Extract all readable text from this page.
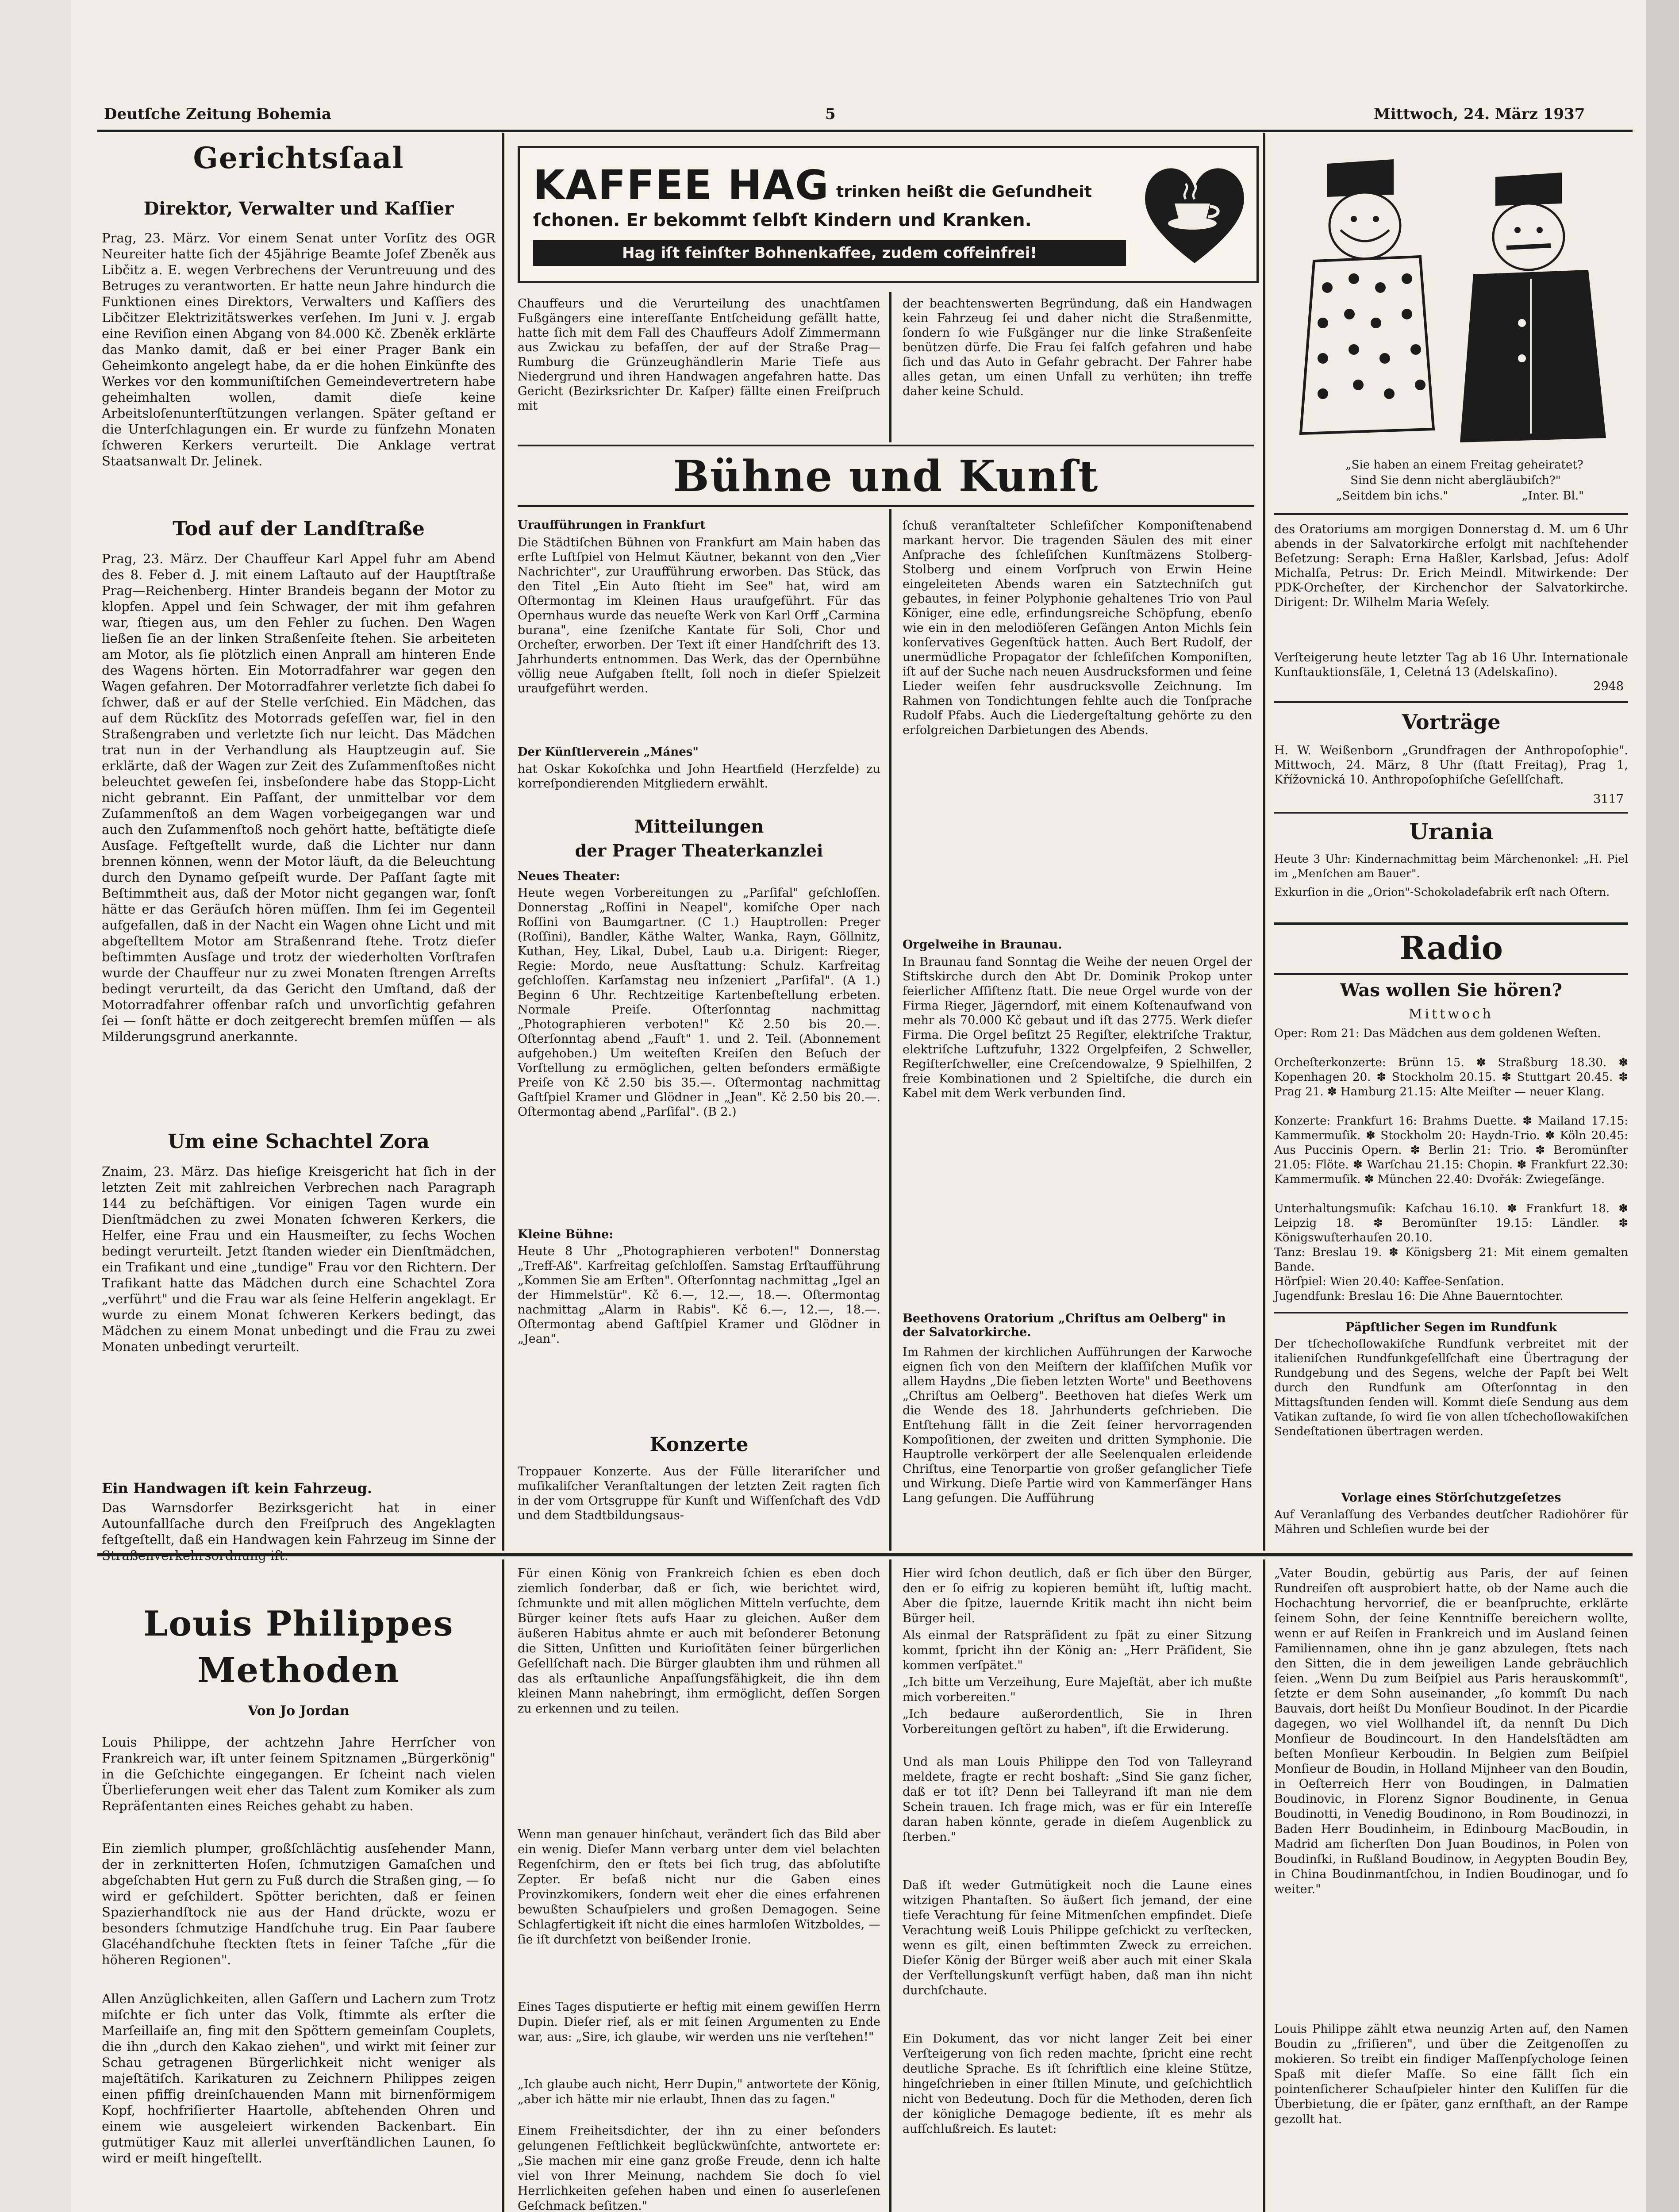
Deutſche Zeitung Bohemia	5	Mittwoch, 24. März 1937
Gerichtsſaal
Direktor, Verwalter und Kaſſier
Prag, 23. März. Vor einem Senat unter Vorſitz des OGR Neureiter hatte ſich der 45jährige Beamte Joſef Zbeněk aus Libčitz a. E. wegen Verbrechens der Veruntreuung und des Betruges zu verantworten. Er hatte neun Jahre hindurch die Funktionen eines Direktors, Verwalters und Kaſſiers des Libčitzer Elektrizitätswerkes verſehen. Im Juni v. J. ergab eine Reviſion einen Abgang von 84.000 Kč. Zbeněk erklärte das Manko damit, daß er bei einer Prager Bank ein Geheimkonto angelegt habe, da er die hohen Einkünfte des Werkes vor den kommuniſtiſchen Gemeindevertretern habe geheimhalten wollen, damit dieſe keine Arbeitsloſenunterſtützungen verlangen. Später geſtand er die Unterſchlagungen ein. Er wurde zu fünfzehn Monaten ſchweren Kerkers verurteilt. Die Anklage vertrat Staatsanwalt Dr. Jelinek.
Tod auf der Landſtraße
Prag, 23. März. Der Chauffeur Karl Appel fuhr am Abend des 8. Feber d. J. mit einem Laſtauto auf der Hauptſtraße Prag—Reichenberg. Hinter Brandeis begann der Motor zu klopfen. Appel und ſein Schwager, der mit ihm gefahren war, ſtiegen aus, um den Fehler zu ſuchen. Den Wagen ließen ſie an der linken Straßenſeite ſtehen. Sie arbeiteten am Motor, als ſie plötzlich einen Anprall am hinteren Ende des Wagens hörten. Ein Motorradfahrer war gegen den Wagen gefahren. Der Motorradfahrer verletzte ſich dabei ſo ſchwer, daß er auf der Stelle verſchied. Ein Mädchen, das auf dem Rückſitz des Motorrads geſeſſen war, fiel in den Straßengraben und verletzte ſich nur leicht. Das Mädchen trat nun in der Verhandlung als Hauptzeugin auf. Sie erklärte, daß der Wagen zur Zeit des Zuſammenſtoßes nicht beleuchtet geweſen ſei, insbeſondere habe das Stopp-Licht nicht gebrannt. Ein Paſſant, der unmittelbar vor dem Zuſammenſtoß an dem Wagen vorbeigegangen war und auch den Zuſammenſtoß noch gehört hatte, beſtätigte dieſe Ausſage. Feſtgeſtellt wurde, daß die Lichter nur dann brennen können, wenn der Motor läuft, da die Beleuchtung durch den Dynamo geſpeiſt wurde. Der Paſſant ſagte mit Beſtimmtheit aus, daß der Motor nicht gegangen war, ſonſt hätte er das Geräuſch hören müſſen. Ihm ſei im Gegenteil aufgefallen, daß in der Nacht ein Wagen ohne Licht und mit abgeſtelltem Motor am Straßenrand ſtehe. Trotz dieſer beſtimmten Ausſage und trotz der wiederholten Vorſtrafen wurde der Chauffeur nur zu zwei Monaten ſtrengen Arreſts bedingt verurteilt, da das Gericht den Umſtand, daß der Motorradfahrer offenbar raſch und unvorſichtig gefahren ſei — ſonſt hätte er doch zeitgerecht bremſen müſſen — als Milderungsgrund anerkannte.
Um eine Schachtel Zora
Znaim, 23. März. Das hieſige Kreisgericht hat ſich in der letzten Zeit mit zahlreichen Verbrechen nach Paragraph 144 zu beſchäftigen. Vor einigen Tagen wurde ein Dienſtmädchen zu zwei Monaten ſchweren Kerkers, die Helfer, eine Frau und ein Hausmeiſter, zu ſechs Wochen bedingt verurteilt. Jetzt ſtanden wieder ein Dienſtmädchen, ein Trafikant und eine „tundige" Frau vor den Richtern. Der Trafikant hatte das Mädchen durch eine Schachtel Zora „verführt" und die Frau war als ſeine Helferin angeklagt. Er wurde zu einem Monat ſchweren Kerkers bedingt, das Mädchen zu einem Monat unbedingt und die Frau zu zwei Monaten unbedingt verurteilt.
Ein Handwagen iſt kein Fahrzeug.
Das Warnsdorfer Bezirksgericht hat in einer Autounfallſache durch den Freiſpruch des Angeklagten feſtgeſtellt, daß ein Handwagen kein Fahrzeug im Sinne der
KAFFEE HAG trinken heißt die Geſundheit
ſchonen. Er bekommt ſelbſt Kindern und Kranken.
Hag iſt feinſter Bohnenkaffee, zudem coffeinfrei!
„Sie haben an einem Freitag geheiratet?
Sind Sie denn nicht abergläubiſch?"
„Seitdem bin ichs."	„Inter. Bl."
Chauffeurs und die Verurteilung des unachtſamen Fußgängers eine intereſſante Entſcheidung gefällt hatte, hatte ſich mit dem Fall des Chauffeurs Adolf Zimmermann aus Zwickau zu befaſſen, der auf der Straße Prag—Rumburg die Grünzeughändlerin Marie Tiefe aus Niedergrund und ihren Handwagen angefahren hatte. Das Gericht (Bezirksrichter Dr. Kaſper) fällte einen Freiſpruch mit
der beachtenswerten Begründung, daß ein Handwagen kein Fahrzeug ſei und daher nicht die Straßenmitte, ſondern ſo wie Fußgänger nur die linke Straßenſeite benützen dürfe. Die Frau ſei falſch gefahren und habe ſich und das Auto in Gefahr gebracht. Der Fahrer habe alles getan, um einen Unfall zu verhüten; ihn treffe daher keine Schuld.
Bühne und Kunſt
Uraufführungen in Frankfurt
Die Städtiſchen Bühnen von Frankfurt am Main haben das erſte Luſtſpiel von Helmut Käutner, bekannt von den „Vier Nachrichter", zur Uraufführung erworben. Das Stück, das den Titel „Ein Auto ſtieht im See" hat, wird am Oſtermontag im Kleinen Haus uraufgeführt. Für das Opernhaus wurde das neueſte Werk von Karl Orff „Carmina burana", eine ſzeniſche Kantate für Soli, Chor und Orcheſter, erworben. Der Text iſt einer Handſchrift des 13. Jahrhunderts entnommen. Das Werk, das der Opernbühne völlig neue Aufgaben ſtellt, ſoll noch in dieſer Spielzeit uraufgeführt werden.
Der Künſtlerverein „Mánes"
hat Oskar Kokoſchka und John Heartfield (Herzfelde) zu korreſpondierenden Mitgliedern erwählt.
Mitteilungen
der Prager Theaterkanzlei
Neues Theater:
Heute wegen Vorbereitungen zu „Parſifal" geſchloſſen. Donnerstag „Roſſini in Neapel", komiſche Oper nach Roſſini von Baumgartner. (C 1.) Hauptrollen: Preger (Roſſini), Bandler, Käthe Walter, Wanka, Rayn, Göllnitz, Kuthan, Hey, Likal, Dubel, Laub u.a. Dirigent: Rieger, Regie: Mordo, neue Ausſtattung: Schulz. Karfreitag geſchloſſen. Karſamstag neu inſzeniert „Parſifal". (A 1.) Beginn 6 Uhr. Rechtzeitige Kartenbeſtellung erbeten. Normale Preiſe. Oſterſonntag nachmittag „Photographieren verboten!" Kč 2.50 bis 20.—. Oſterſonntag abend „Fauſt" 1. und 2. Teil. (Abonnement aufgehoben.) Um weiteſten Kreiſen den Beſuch der Vorſtellung zu ermöglichen, gelten beſonders ermäßigte Preiſe von Kč 2.50 bis 35.—. Oſtermontag nachmittag Gaſtſpiel Kramer und Glödner in „Jean". Kč 2.50 bis 20.—. Oſtermontag abend „Parſifal". (B 2.)
Kleine Bühne:
Heute 8 Uhr „Photographieren verboten!" Donnerstag „Treff-Aß". Karfreitag geſchloſſen. Samstag Erſtaufführung „Kommen Sie am Erſten". Oſterſonntag nachmittag „Igel an der Himmelstür". Kč 6.—, 12.—, 18.—. Oſtermontag nachmittag „Alarm in Rabis". Kč 6.—, 12.—, 18.—. Oſtermontag abend Gaſtſpiel Kramer und Glödner in „Jean".
Konzerte
Troppauer Konzerte. Aus der Fülle literariſcher und muſikaliſcher Veranſtaltungen der letzten Zeit ragten ſich in der vom Ortsgruppe für Kunſt und Wiſſenſchaft des VdD und dem Stadtbildungsaus-
ſchuß veranſtalteter Schleſiſcher Komponiſtenabend markant hervor. Die tragenden Säulen des mit einer Anſprache des ſchleſiſchen Kunſtmäzens Stolberg-Stolberg und einem Vorſpruch von Erwin Heine eingeleiteten Abends waren ein Satztechniſch gut gebautes, in feiner Polyphonie gehaltenes Trio von Paul Königer, eine edle, erfindungsreiche Schöpfung, ebenſo wie ein in den melodiöſeren Geſängen Anton Michls ſein konſervatives Gegenſtück hatten. Auch Bert Rudolf, der unermüdliche Propagator der ſchleſiſchen Komponiſten, iſt auf der Suche nach neuen Ausdrucksformen und ſeine Lieder weiſen ſehr ausdrucksvolle Zeichnung. Im Rahmen von Tondichtungen fehlte auch die Tonſprache Rudolf Pfabs. Auch die Liedergeſtaltung gehörte zu den erfolgreichen Darbietungen des Abends.
Orgelweihe in Braunau.
In Braunau fand Sonntag die Weihe der neuen Orgel der Stiftskirche durch den Abt Dr. Dominik Prokop unter feierlicher Aſſiſtenz ſtatt. Die neue Orgel wurde von der Firma Rieger, Jägerndorf, mit einem Koſtenaufwand von mehr als 70.000 Kč gebaut und iſt das 2775. Werk dieſer Firma. Die Orgel beſitzt 25 Regiſter, elektriſche Traktur, elektriſche Luftzufuhr, 1322 Orgelpfeifen, 2 Schweller, Regiſterſchweller, eine Creſcendowalze, 9 Spielhilfen, 2 freie Kombinationen und 2 Spieltiſche, die durch ein Kabel mit dem Werk verbunden ſind.
Beethovens Oratorium „Chriſtus am Oelberg" in der Salvatorkirche.
Im Rahmen der kirchlichen Aufführungen der Karwoche eignen ſich von den Meiſtern der klaſſiſchen Muſik vor allem Haydns „Die ſieben letzten Worte" und Beethovens „Chriſtus am Oelberg". Beethoven hat dieſes Werk um die Wende des 18. Jahrhunderts geſchrieben. Die Entſtehung fällt in die Zeit ſeiner hervorragenden Kompoſitionen, der zweiten und dritten Symphonie. Die Hauptrolle verkörpert der alle Seelenqualen erleidende Chriſtus, eine Tenorpartie von großer geſanglicher Tiefe und Wirkung. Dieſe Partie wird von Kammerſänger Hans Lang geſungen. Die Aufführung
des Oratoriums am morgigen Donnerstag d. M. um 6 Uhr abends in der Salvatorkirche erfolgt mit nachſtehender Beſetzung: Seraph: Erna Haßler, Karlsbad, Jeſus: Adolf Michalſa, Petrus: Dr. Erich Meindl. Mitwirkende: Der PDK-Orcheſter, der Kirchenchor der Salvatorkirche. Dirigent: Dr. Wilhelm Maria Weſely.
Verſteigerung heute letzter Tag ab 16 Uhr. Internationale Kunſtauktionsſäle, 1, Celetná 13 (Adelskaſino).
2948
Vorträge
H. W. Weißenborn „Grundfragen der Anthropoſophie". Mittwoch, 24. März, 8 Uhr (ſtatt Freitag), Prag 1, Křížovnická 10. Anthropoſophiſche Geſellſchaft.
3117
Urania
Heute 3 Uhr: Kindernachmittag beim Märchenonkel: „H. Piel im „Menſchen am Bauer".
Exkurſion in die „Orion"-Schokoladefabrik erſt nach Oſtern.
Radio
Was wollen Sie hören?
Mittwoch
Oper: Rom 21: Das Mädchen aus dem goldenen Weſten.
Orcheſterkonzerte: Brünn 15. ✽ Straßburg 18.30. ✽ Kopenhagen 20. ✽ Stockholm 20.15. ✽ Stuttgart 20.45. ✽ Prag 21. ✽ Hamburg 21.15: Alte Meiſter — neuer Klang.
Konzerte: Frankfurt 16: Brahms Duette. ✽ Mailand 17.15: Kammermuſik. ✽ Stockholm 20: Haydn-Trio. ✽ Köln 20.45: Aus Puccinis Opern. ✽ Berlin 21: Trio. ✽ Beromünſter 21.05: Flöte. ✽ Warſchau 21.15: Chopin. ✽ Frankfurt 22.30: Kammermuſik. ✽ München 22.40: Dvořák: Zwiegeſänge.
Unterhaltungsmuſik: Kaſchau 16.10. ✽ Frankfurt 18. ✽ Leipzig 18. ✽ Beromünſter 19.15: Ländler. ✽ Königswuſterhauſen 20.10.
Tanz: Breslau 19. ✽ Königsberg 21: Mit einem gemalten Bande.
Hörſpiel: Wien 20.40: Kaffee-Senſation.
Jugendfunk: Breslau 16: Die Ahne Bauerntochter.
Päpſtlicher Segen im Rundfunk
Der tſchechoſlowakiſche Rundfunk verbreitet mit der italieniſchen Rundfunkgeſellſchaft eine Übertragung der Rundgebung und des Segens, welche der Papſt bei Welt durch den Rundfunk am Oſterſonntag in den Mittagsſtunden ſenden will. Kommt dieſe Sendung aus dem Vatikan zuſtande, ſo wird ſie von allen tſchechoſlowakiſchen Sendeſtationen übertragen werden.
Vorlage eines Störſchutzgeſetzes
Auf Veranlaſſung des Verbandes deutſcher Radiohörer für Mähren und Schleſien wurde bei der
Louis Philippes
Methoden
Von Jo Jordan
Louis Philippe, der achtzehn Jahre Herrſcher von Frankreich war, iſt unter ſeinem Spitznamen „Bürgerkönig" in die Geſchichte eingegangen. Er ſcheint nach vielen Überlieferungen weit eher das Talent zum Komiker als zum Repräſentanten eines Reiches gehabt zu haben.
Ein ziemlich plumper, großſchlächtig ausſehender Mann, der in zerknitterten Hoſen, ſchmutzigen Gamaſchen und abgeſchabten Hut gern zu Fuß durch die Straßen ging, — ſo wird er geſchildert. Spötter berichten, daß er ſeinen Spazierhandſtock nie aus der Hand drückte, wozu er besonders ſchmutzige Handſchuhe trug. Ein Paar ſaubere Glacéhandſchuhe ſteckten ſtets in ſeiner Taſche „für die höheren Regionen".
Allen Anzüglichkeiten, allen Gaſſern und Lachern zum Trotz miſchte er ſich unter das Volk, ſtimmte als erſter die Marſeillaiſe an, fing mit den Spöttern gemeinſam Couplets, die ihn „durch den Kakao ziehen", und wirkt mit ſeiner zur Schau getragenen Bürgerlichkeit nicht weniger als majeſtätiſch. Karikaturen zu Zeichnern Philippes zeigen einen pfiffig dreinſchauenden Mann mit birnenförmigem Kopf, hochfriſierter Haartolle, abſtehenden Ohren und einem wie ausgeleiert wirkenden Backenbart. Ein gutmütiger Kauz mit allerlei unverſtändlichen Launen, ſo wird er meiſt hingeſtellt.
Für einen König von Frankreich ſchien es eben doch ziemlich ſonderbar, daß er ſich, wie berichtet wird, ſchmunkte und mit allen möglichen Mitteln verſuchte, dem Bürger keiner ſtets aufs Haar zu gleichen. Außer dem äußeren Habitus ahmte er auch mit beſonderer Betonung die Sitten, Unſitten und Kurioſitäten ſeiner bürgerlichen Geſellſchaft nach. Die Bürger glaubten ihm und rühmen all das als erſtaunliche Anpaſſungsfähigkeit, die ihn dem kleinen Mann nahebringt, ihm ermöglicht, deſſen Sorgen zu erkennen und zu teilen.
Wenn man genauer hinſchaut, verändert ſich das Bild aber ein wenig. Dieſer Mann verbarg unter dem viel belachten Regenſchirm, den er ſtets bei ſich trug, das abſolutiſte Zepter. Er beſaß nicht nur die Gaben eines Provinzkomikers, ſondern weit eher die eines erfahrenen bewußten Schauſpielers und großen Demagogen. Seine Schlagfertigkeit iſt nicht die eines harmloſen Witzboldes, — ſie iſt durchſetzt von beißender Ironie.
Eines Tages disputierte er heftig mit einem gewiſſen Herrn Dupin. Dieſer rief, als er mit ſeinen Argumenten zu Ende war, aus: „Sire, ich glaube, wir werden uns nie verſtehen!"
„Ich glaube auch nicht, Herr Dupin," antwortete der König, „aber ich hätte mir nie erlaubt, Ihnen das zu ſagen."
Einem Freiheitsdichter, der ihn zu einer beſonders gelungenen Feſtlichkeit beglückwünſchte, antwortete er: „Sie machen mir eine ganz große Freude, denn ich halte viel von Ihrer Meinung, nachdem Sie doch ſo viel Herrlichkeiten geſehen haben und einen ſo auserleſenen Geſchmack beſitzen."
Hier wird ſchon deutlich, daß er ſich über den Bürger, den er ſo eifrig zu kopieren bemüht iſt, luſtig macht. Aber die ſpitze, lauernde Kritik macht ihn nicht beim Bürger heil.
Als einmal der Ratspräſident zu ſpät zu einer Sitzung kommt, ſpricht ihn der König an: „Herr Präſident, Sie kommen verſpätet."
„Ich bitte um Verzeihung, Eure Majeſtät, aber ich mußte mich vorbereiten."
„Ich bedaure außerordentlich, Sie in Ihren Vorbereitungen geſtört zu haben", iſt die Erwiderung.
Und als man Louis Philippe den Tod von Talleyrand meldete, fragte er recht boshaft: „Sind Sie ganz ſicher, daß er tot iſt? Denn bei Talleyrand iſt man nie dem Schein trauen. Ich frage mich, was er für ein Intereſſe daran haben könnte, gerade in dieſem Augenblick zu ſterben."
Daß iſt weder Gutmütigkeit noch die Laune eines witzigen Phantaſten. So äußert ſich jemand, der eine tiefe Verachtung für ſeine Mitmenſchen empfindet. Dieſe Verachtung weiß Louis Philippe geſchickt zu verſtecken, wenn es gilt, einen beſtimmten Zweck zu erreichen. Dieſer König der Bürger weiß aber auch mit einer Skala der Verſtellungskunſt verfügt haben, daß man ihn nicht durchſchaute.
Ein Dokument, das vor nicht langer Zeit bei einer Verſteigerung von ſich reden machte, ſpricht eine recht deutliche Sprache. Es iſt ſchriftlich eine kleine Stütze, hingeſchrieben in einer ſtillen Minute, und geſchichtlich nicht von Bedeutung. Doch für die Methoden, deren ſich der königliche Demagoge bediente, iſt es mehr als aufſchlußreich. Es lautet:
„Vater Boudin, gebürtig aus Paris, der auf ſeinen Rundreiſen oft ausprobiert hatte, ob der Name auch die Hochachtung hervorrief, die er beanſpruchte, erklärte ſeinem Sohn, der ſeine Kenntniſſe bereichern wollte, wenn er auf Reiſen in Frankreich und im Ausland ſeinen Familiennamen, ohne ihn je ganz abzulegen, ſtets nach den Sitten, die in dem jeweiligen Lande gebräuchlich ſeien. „Wenn Du zum Beiſpiel aus Paris herauskommſt", ſetzte er dem Sohn auseinander, „ſo kommſt Du nach Bauvais, dort heißt Du Monſieur Boudinot. In der Picardie dagegen, wo viel Wollhandel iſt, da nennſt Du Dich Monſieur de Boudincourt. In den Handelsſtädten am beſten Monſieur Kerboudin. In Belgien zum Beiſpiel Monſieur de Boudin, in Holland Mijnheer van den Boudin, in Oeſterreich Herr von Boudingen, in Dalmatien Boudinovic, in Florenz Signor Boudinente, in Genua Boudinotti, in Venedig Boudinono, in Rom Boudinozzi, in Baden Herr Boudinheim, in Edinbourg MacBoudin, in Madrid am ſicherſten Don Juan Boudinos, in Polen von Boudinſki, in Rußland Boudinow, in Aegypten Boudin Bey, in China Boudinmantſchou, in Indien Boudinogar, und ſo weiter."
Louis Philippe zählt etwa neunzig Arten auf, den Namen Boudin zu „friſieren", und über die Zeitgenoſſen zu mokieren. So treibt ein findiger Maſſenpſychologe ſeinen Spaß mit dieſer Maſſe. So eine fällt ſich ein pointenſicherer Schauſpieler hinter den Kuliſſen für die Überbietung, die er ſpäter, ganz ernſthaft, an der Rampe gezollt hat.
